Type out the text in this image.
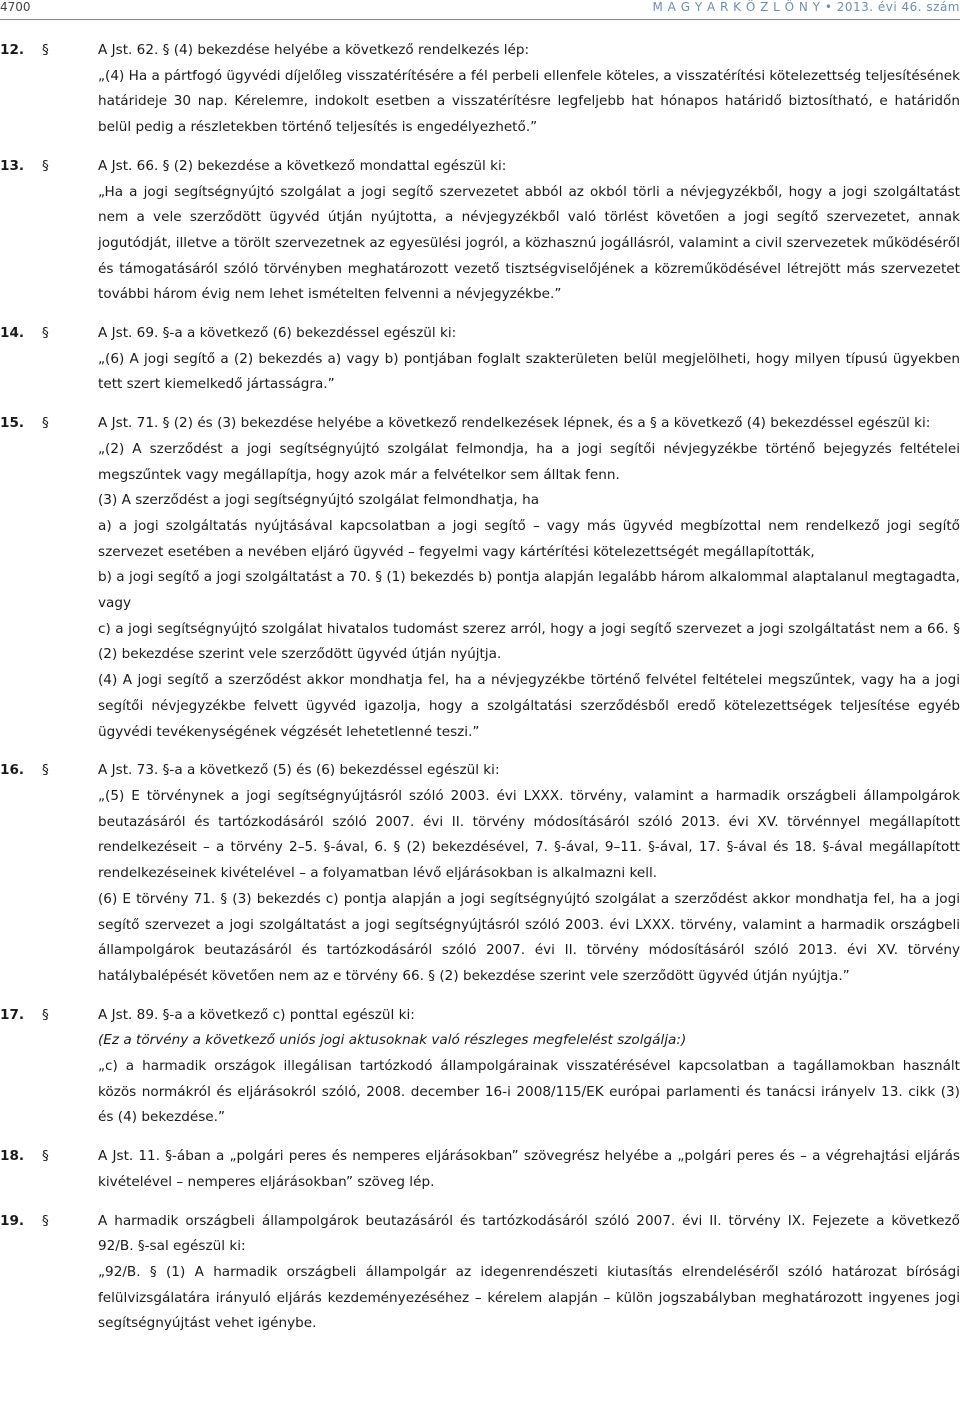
4700	M A G Y A R K Ö Z L Ö N Y • 2013. évi 46. szám
12.	§	A Jst. 62. § (4) bekezdése helyébe a következő rendelkezés lép:

„(4) Ha a pártfogó ügyvédi díjelőleg visszatérítésére a fél perbeli ellenfele köteles, a visszatérítési kötelezettség teljesítésének határideje 30 nap. Kérelemre, indokolt esetben a visszatérítésre legfeljebb hat hónapos határidő biztosítható, e határidőn belül pedig a részletekben történő teljesítés is engedélyezhető.”

13.	§	A Jst. 66. § (2) bekezdése a következő mondattal egészül ki:

„Ha a jogi segítségnyújtó szolgálat a jogi segítő szervezetet abból az okból törli a névjegyzékből, hogy a jogi szolgáltatást nem a vele szerződött ügyvéd útján nyújtotta, a névjegyzékből való törlést követően a jogi segítő szervezetet, annak jogutódját, illetve a törölt szervezetnek az egyesülési jogról, a közhasznú jogállásról, valamint a civil szervezetek működéséről és támogatásáról szóló törvényben meghatározott vezető tisztségviselőjének a közreműködésével létrejött más szervezetet további három évig nem lehet ismételten felvenni a névjegyzékbe.”

14.	§	A Jst. 69. §-a a következő (6) bekezdéssel egészül ki:

„(6) A jogi segítő a (2) bekezdés a) vagy b) pontjában foglalt szakterületen belül megjelölheti, hogy milyen típusú ügyekben tett szert kiemelkedő jártasságra.”

15.	§	A Jst. 71. § (2) és (3) bekezdése helyébe a következő rendelkezések lépnek, és a § a következő (4) bekezdéssel egészül ki:

„(2) A szerződést a jogi segítségnyújtó szolgálat felmondja, ha a jogi segítői névjegyzékbe történő bejegyzés feltételei megszűntek vagy megállapítja, hogy azok már a felvételkor sem álltak fenn.

(3) A szerződést a jogi segítségnyújtó szolgálat felmondhatja, ha

a) a jogi szolgáltatás nyújtásával kapcsolatban a jogi segítő – vagy más ügyvéd megbízottal nem rendelkező jogi segítő szervezet esetében a nevében eljáró ügyvéd – fegyelmi vagy kártérítési kötelezettségét megállapították,

b) a jogi segítő a jogi szolgáltatást a 70. § (1) bekezdés b) pontja alapján legalább három alkalommal alaptalanul megtagadta, vagy

c) a jogi segítségnyújtó szolgálat hivatalos tudomást szerez arról, hogy a jogi segítő szervezet a jogi szolgáltatást nem a 66. § (2) bekezdése szerint vele szerződött ügyvéd útján nyújtja.

(4) A jogi segítő a szerződést akkor mondhatja fel, ha a névjegyzékbe történő felvétel feltételei megszűntek, vagy ha a jogi segítői névjegyzékbe felvett ügyvéd igazolja, hogy a szolgáltatási szerződésből eredő kötelezettségek teljesítése egyéb ügyvédi tevékenységének végzését lehetetlenné teszi.”

16.	§	A Jst. 73. §-a a következő (5) és (6) bekezdéssel egészül ki:

„(5) E törvénynek a jogi segítségnyújtásról szóló 2003. évi LXXX. törvény, valamint a harmadik országbeli állampolgárok beutazásáról és tartózkodásáról szóló 2007. évi II. törvény módosításáról szóló 2013. évi XV. törvénnyel megállapított rendelkezéseit – a törvény 2–5. §-ával, 6. § (2) bekezdésével, 7. §-ával, 9–11. §-ával, 17. §-ával és 18. §-ával megállapított rendelkezéseinek kivételével – a folyamatban lévő eljárásokban is alkalmazni kell.

(6) E törvény 71. § (3) bekezdés c) pontja alapján a jogi segítségnyújtó szolgálat a szerződést akkor mondhatja fel, ha a jogi segítő szervezet a jogi szolgáltatást a jogi segítségnyújtásról szóló 2003. évi LXXX. törvény, valamint a harmadik országbeli állampolgárok beutazásáról és tartózkodásáról szóló 2007. évi II. törvény módosításáról szóló 2013. évi XV. törvény hatálybalépését követően nem az e törvény 66. § (2) bekezdése szerint vele szerződött ügyvéd útján nyújtja.”

17.	§	A Jst. 89. §-a a következő c) ponttal egészül ki:

(Ez a törvény a következő uniós jogi aktusoknak való részleges megfelelést szolgálja:)

„c) a harmadik országok illegálisan tartózkodó állampolgárainak visszatérésével kapcsolatban a tagállamokban használt közös normákról és eljárásokról szóló, 2008. december 16-i 2008/115/EK európai parlamenti és tanácsi irányelv 13. cikk (3) és (4) bekezdése.”

18.	§	A Jst. 11. §-ában a „polgári peres és nemperes eljárásokban” szövegrész helyébe a „polgári peres és – a végrehajtási eljárás kivételével – nemperes eljárásokban” szöveg lép.

19.	§	A harmadik országbeli állampolgárok beutazásáról és tartózkodásáról szóló 2007. évi II. törvény IX. Fejezete a következő 92/B. §-sal egészül ki:

„92/B. § (1) A harmadik országbeli állampolgár az idegenrendészeti kiutasítás elrendeléséről szóló határozat bírósági felülvizsgálatára irányuló eljárás kezdeményezéséhez – kérelem alapján – külön jogszabályban meghatározott ingyenes jogi segítségnyújtást vehet igénybe.
